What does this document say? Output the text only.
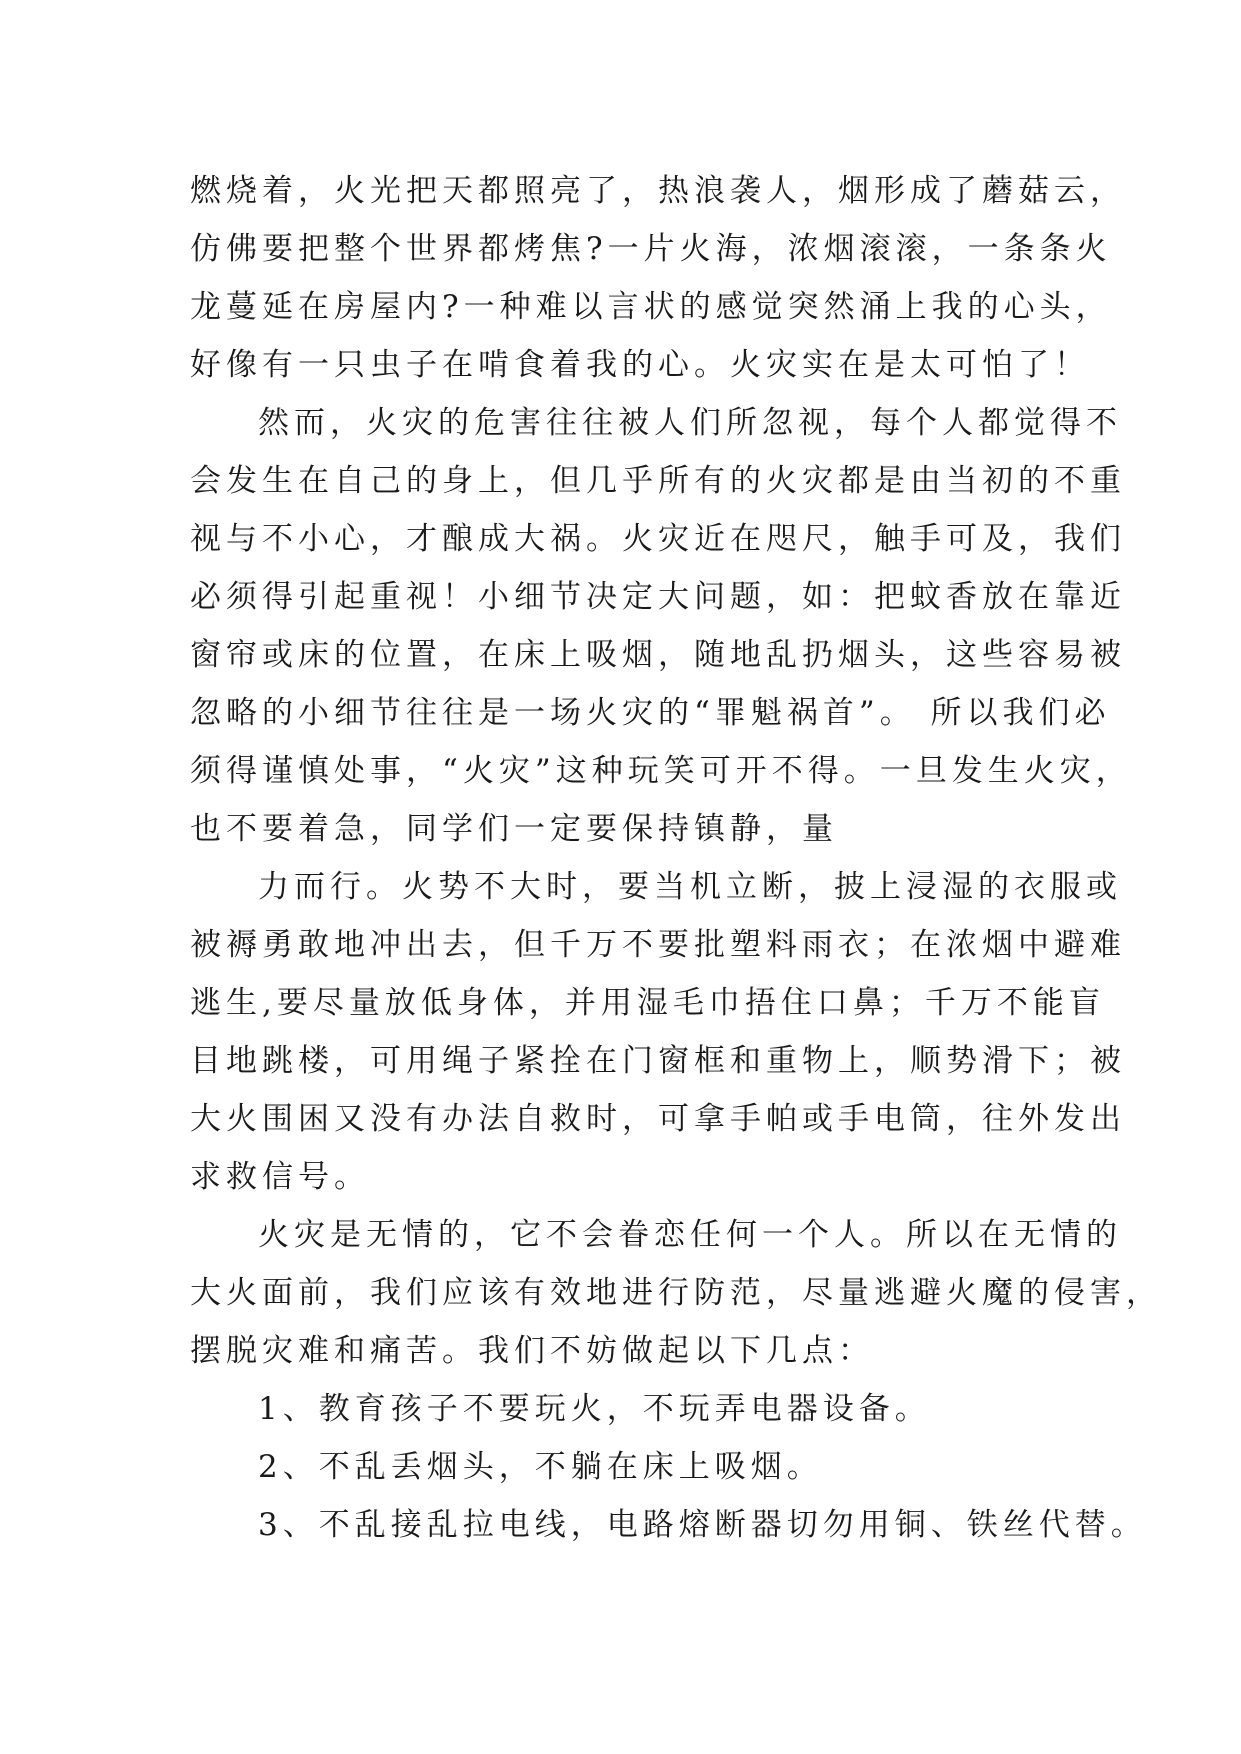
燃烧着，火光把天都照亮了，热浪袭人，烟形成了蘑菇云，
仿佛要把整个世界都烤焦?一片火海，浓烟滚滚，一条条火
龙蔓延在房屋内?一种难以言状的感觉突然涌上我的心头，
好像有一只虫子在啃食着我的心。火灾实在是太可怕了！
然而，火灾的危害往往被人们所忽视，每个人都觉得不
会发生在自己的身上，但几乎所有的火灾都是由当初的不重
视与不小心，才酿成大祸。火灾近在咫尺，触手可及，我们
必须得引起重视！小细节决定大问题，如：把蚊香放在靠近
窗帘或床的位置，在床上吸烟，随地乱扔烟头，这些容易被
忽略的小细节往往是一场火灾的“罪魁祸首”。 所以我们必
须得谨慎处事，“火灾”这种玩笑可开不得。一旦发生火灾，
也不要着急，同学们一定要保持镇静，量
力而行。火势不大时，要当机立断，披上浸湿的衣服或
被褥勇敢地冲出去，但千万不要批塑料雨衣；在浓烟中避难
逃生,要尽量放低身体，并用湿毛巾捂住口鼻；千万不能盲
目地跳楼，可用绳子紧拴在门窗框和重物上，顺势滑下；被
大火围困又没有办法自救时，可拿手帕或手电筒，往外发出
求救信号。
火灾是无情的，它不会眷恋任何一个人。所以在无情的
大火面前，我们应该有效地进行防范，尽量逃避火魔的侵害，
摆脱灾难和痛苦。我们不妨做起以下几点：
1、教育孩子不要玩火，不玩弄电器设备。
2、不乱丢烟头，不躺在床上吸烟。
3、不乱接乱拉电线，电路熔断器切勿用铜、铁丝代替。
